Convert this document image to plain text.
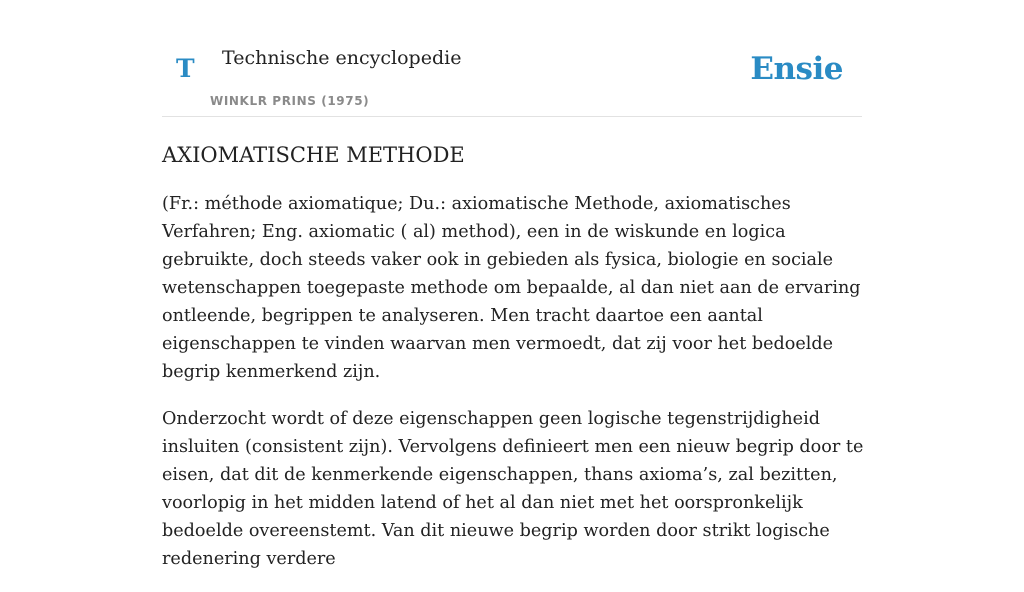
T Technische encyclopedie
WINKLR PRINS (1975)
Ensie
AXIOMATISCHE METHODE

(Fr.: méthode axiomatique; Du.: axiomatische Methode, axiomatisches Verfahren; Eng. axiomatic ( al) method), een in de wiskunde en logica gebruikte, doch steeds vaker ook in gebieden als fysica, biologie en sociale wetenschappen toegepaste methode om bepaalde, al dan niet aan de ervaring ontleende, begrippen te analyseren. Men tracht daartoe een aantal eigenschappen te vinden waarvan men vermoedt, dat zij voor het bedoelde begrip kenmerkend zijn.

Onderzocht wordt of deze eigenschappen geen logische tegenstrijdigheid insluiten (consistent zijn). Vervolgens definieert men een nieuw begrip door te eisen, dat dit de kenmerkende eigenschappen, thans axioma’s, zal bezitten, voorlopig in het midden latend of het al dan niet met het oorspronkelijk bedoelde overeenstemt. Van dit nieuwe begrip worden door strikt logische redenering verdere
